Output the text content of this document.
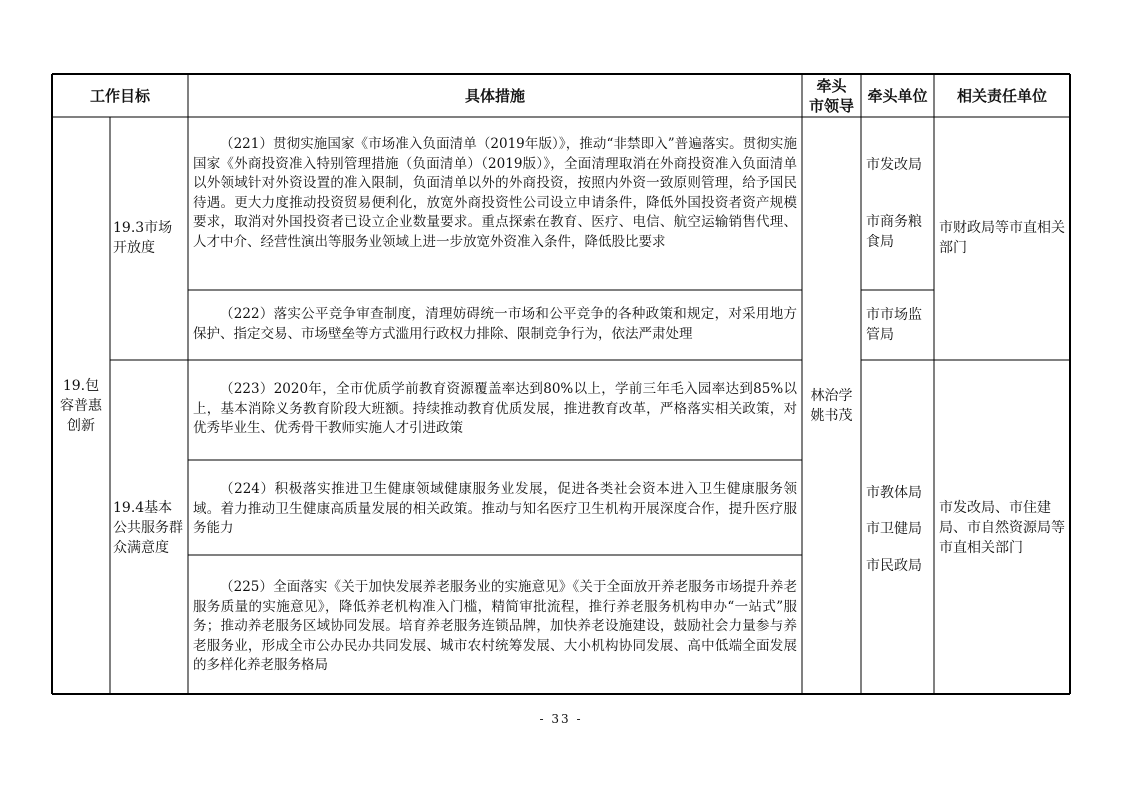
工作目标	具体措施
牵头
市领导
牵头单位	相关责任单位
19.包容普惠创新
19.3市场开放度
19.4基本公共服务群众满意度
（221）贯彻实施国家《市场准入负面清单（2019年版）》，推动“非禁即入”普遍落实。贯彻实施国家《外商投资准入特别管理措施（负面清单）（2019版）》，全面清理取消在外商投资准入负面清单以外领域针对外资设置的准入限制，负面清单以外的外商投资，按照内外资一致原则管理，给予国民待遇。更大力度推动投资贸易便利化，放宽外商投资性公司设立申请条件，降低外国投资者资产规模要求，取消对外国投资者已设立企业数量要求。重点探索在教育、医疗、电信、航空运输销售代理、人才中介、经营性演出等服务业领域上进一步放宽外资准入条件，降低股比要求
（222）落实公平竞争审查制度，清理妨碍统一市场和公平竞争的各种政策和规定，对采用地方保护、指定交易、市场壁垒等方式滥用行政权力排除、限制竞争行为，依法严肃处理
（223）2020年，全市优质学前教育资源覆盖率达到80%以上，学前三年毛入园率达到85%以上，基本消除义务教育阶段大班额。持续推动教育优质发展，推进教育改革，严格落实相关政策，对优秀毕业生、优秀骨干教师实施人才引进政策
（224）积极落实推进卫生健康领域健康服务业发展，促进各类社会资本进入卫生健康服务领域。着力推动卫生健康高质量发展的相关政策。推动与知名医疗卫生机构开展深度合作，提升医疗服务能力
（225）全面落实《关于加快发展养老服务业的实施意见》《关于全面放开养老服务市场提升养老服务质量的实施意见》，降低养老机构准入门槛，精简审批流程，推行养老服务机构申办“一站式”服务；推动养老服务区域协同发展。培育养老服务连锁品牌，加快养老设施建设，鼓励社会力量参与养老服务业，形成全市公办民办共同发展、城市农村统筹发展、大小机构协同发展、高中低端全面发展的多样化养老服务格局
林治学
姚书茂
市发改局
市商务粮食局
市市场监管局
市教体局
市卫健局
市民政局
市财政局等市直相关部门
市发改局、市住建局、市自然资源局等市直相关部门
- 33 -
